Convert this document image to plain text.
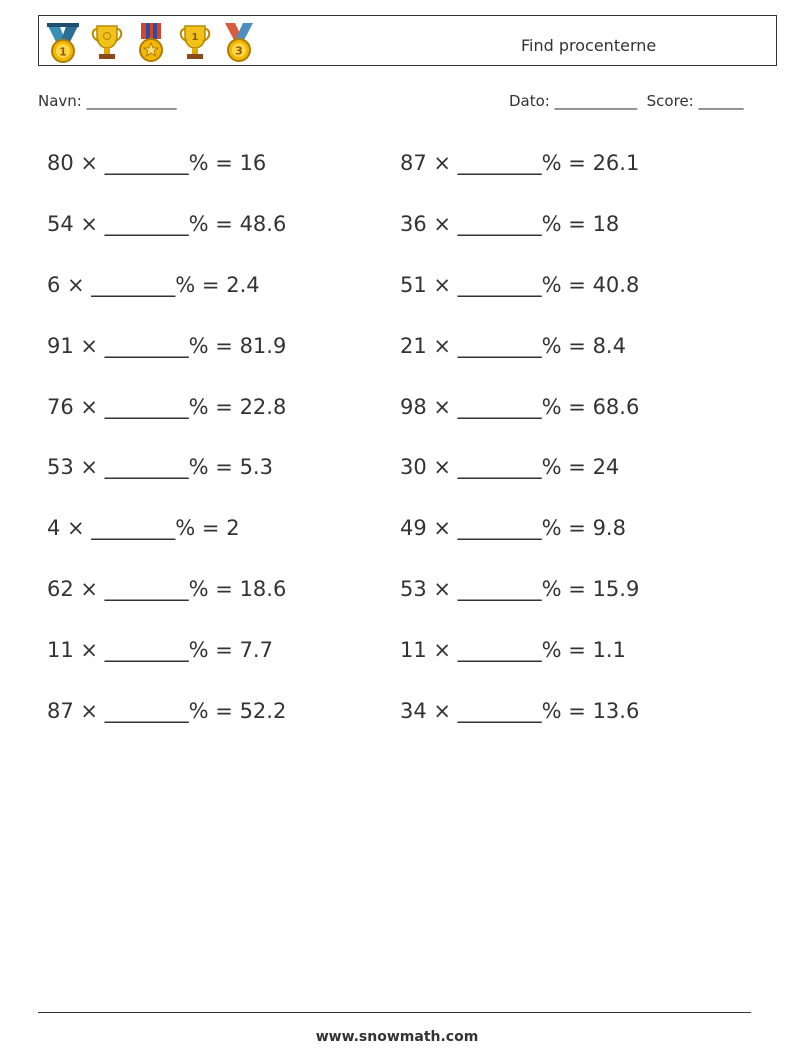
1
1
3	Find procenterne
Navn: ____________	Dato: ___________  Score: ______
80 × ________% = 16	87 × ________% = 26.1
54 × ________% = 48.6	36 × ________% = 18
6 × ________% = 2.4	51 × ________% = 40.8
91 × ________% = 81.9	21 × ________% = 8.4
76 × ________% = 22.8	98 × ________% = 68.6
53 × ________% = 5.3	30 × ________% = 24
4 × ________% = 2	49 × ________% = 9.8
62 × ________% = 18.6	53 × ________% = 15.9
11 × ________% = 7.7	11 × ________% = 1.1
87 × ________% = 52.2	34 × ________% = 13.6
www.snowmath.com
